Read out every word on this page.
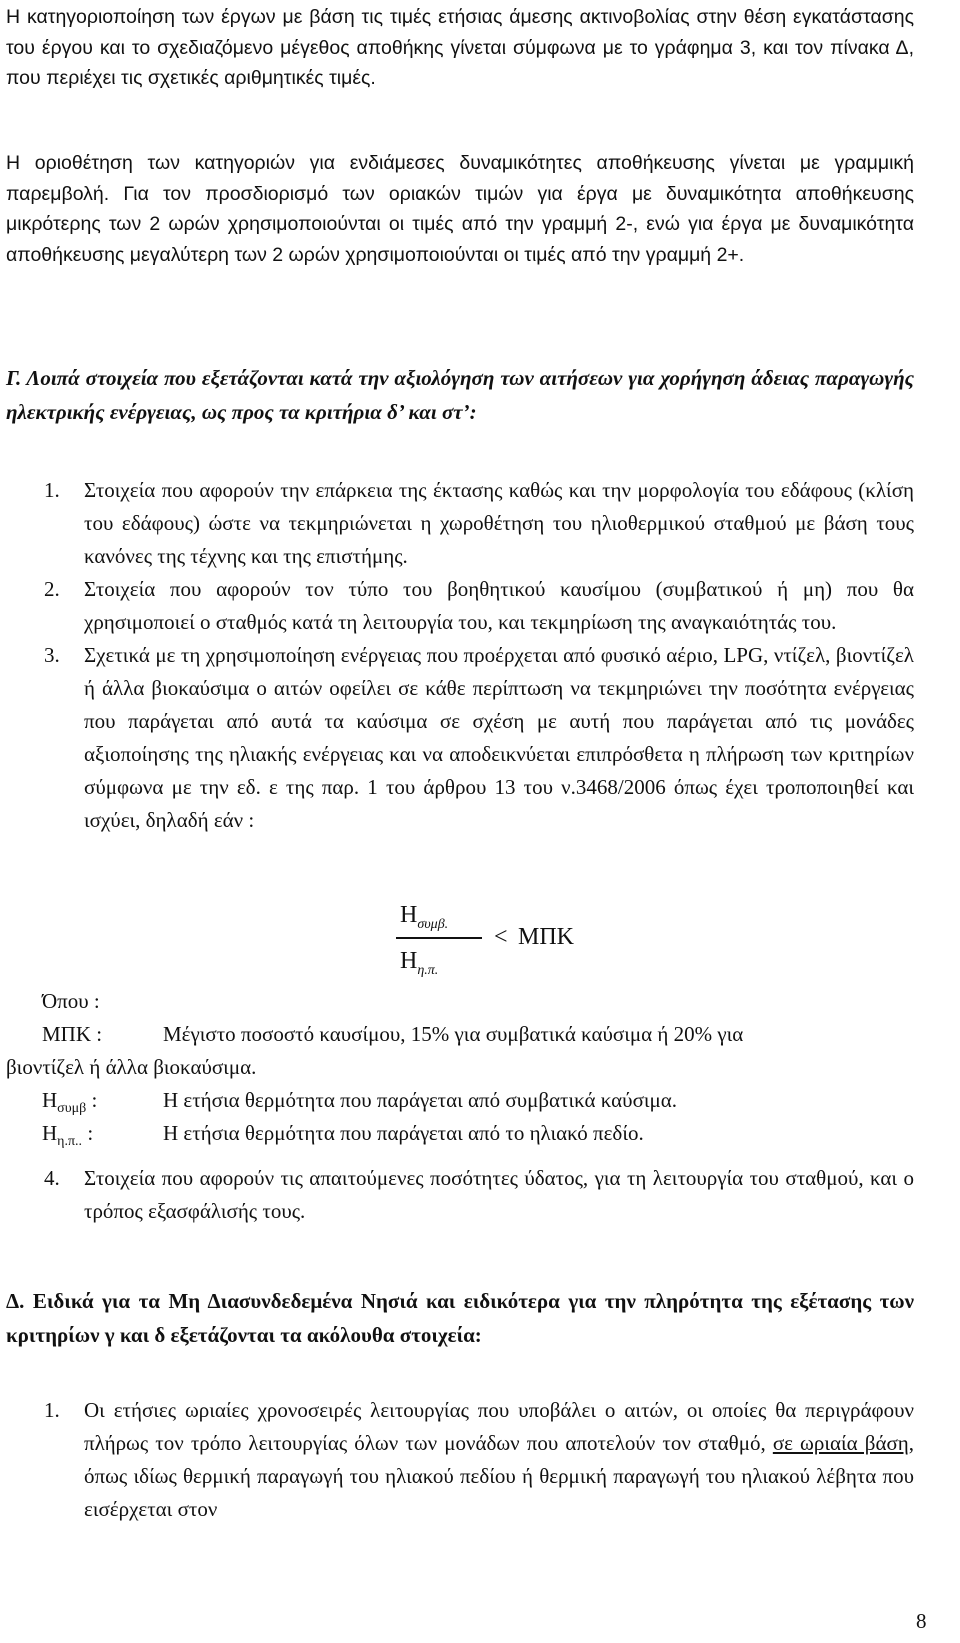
Η κατηγοριοποίηση των έργων με βάση τις τιμές ετήσιας άμεσης ακτινοβολίας στην θέση εγκατάστασης του έργου και το σχεδιαζόμενο μέγεθος αποθήκης γίνεται σύμφωνα με το γράφημα 3, και τον πίνακα Δ, που περιέχει τις σχετικές αριθμητικές τιμές.

Η οριοθέτηση των κατηγοριών για ενδιάμεσες δυναμικότητες αποθήκευσης γίνεται με γραμμική παρεμβολή. Για τον προσδιορισμό των οριακών τιμών για έργα με δυναμικότητα αποθήκευσης μικρότερης των 2 ωρών χρησιμοποιούνται οι τιμές από την γραμμή 2-, ενώ για έργα με δυναμικότητα αποθήκευσης μεγαλύτερη των 2 ωρών χρησιμοποιούνται οι τιμές από την γραμμή 2+.

Γ. Λοιπά στοιχεία που εξετάζονται κατά την αξιολόγηση των αιτήσεων για χορήγηση άδειας παραγωγής ηλεκτρικής ενέργειας, ως προς τα κριτήρια δ’ και στ’:

1. Στοιχεία που αφορούν την επάρκεια της έκτασης καθώς και την μορφολογία του εδάφους (κλίση του εδάφους) ώστε να τεκμηριώνεται η χωροθέτηση του ηλιοθερμικού σταθμού με βάση τους κανόνες της τέχνης και της επιστήμης.
2. Στοιχεία που αφορούν τον τύπο του βοηθητικού καυσίμου (συμβατικού ή μη) που θα χρησιμοποιεί ο σταθμός κατά τη λειτουργία του, και τεκμηρίωση της αναγκαιότητάς του.
3. Σχετικά με τη χρησιμοποίηση ενέργειας που προέρχεται από φυσικό αέριο, LPG, ντίζελ, βιοντίζελ ή άλλα βιοκαύσιμα ο αιτών οφείλει σε κάθε περίπτωση να τεκμηριώνει την ποσότητα ενέργειας που παράγεται από αυτά τα καύσιμα σε σχέση με αυτή που παράγεται από τις μονάδες αξιοποίησης της ηλιακής ενέργειας και να αποδεικνύεται επιπρόσθετα η πλήρωση των κριτηρίων σύμφωνα με την εδ. ε της παρ. 1 του άρθρου 13 του ν.3468/2006 όπως έχει τροποποιηθεί και ισχύει, δηλαδή εάν :
$H_{\sigma\upsilon\mu\beta.}$
$H_{\eta.\pi.}$
< ΜΠΚ
Όπου :
ΜΠΚ :	Μέγιστο ποσοστό καυσίμου, 15% για συμβατικά καύσιμα ή 20% για
βιοντίζελ ή άλλα βιοκαύσιμα.
$H_{\sigma\upsilon\mu\beta}$ :	Η ετήσια θερμότητα που παράγεται από συμβατικά καύσιμα.
$H_{\eta.\pi..}$ :	Η ετήσια θερμότητα που παράγεται από το ηλιακό πεδίο.
4. Στοιχεία που αφορούν τις απαιτούμενες ποσότητες ύδατος, για τη λειτουργία του σταθμού, και ο τρόπος εξασφάλισής τους.

Δ. Ειδικά για τα Μη Διασυνδεδεμένα Νησιά και ειδικότερα για την πληρότητα της εξέτασης των κριτηρίων γ και δ εξετάζονται τα ακόλουθα στοιχεία:

1. Οι ετήσιες ωριαίες χρονοσειρές λειτουργίας που υποβάλει ο αιτών, οι οποίες θα περιγράφουν πλήρως τον τρόπο λειτουργίας όλων των μονάδων που αποτελούν τον σταθμό, σε ωριαία βάση, όπως ιδίως θερμική παραγωγή του ηλιακού πεδίου ή θερμική παραγωγή του ηλιακού λέβητα που εισέρχεται στον
8
